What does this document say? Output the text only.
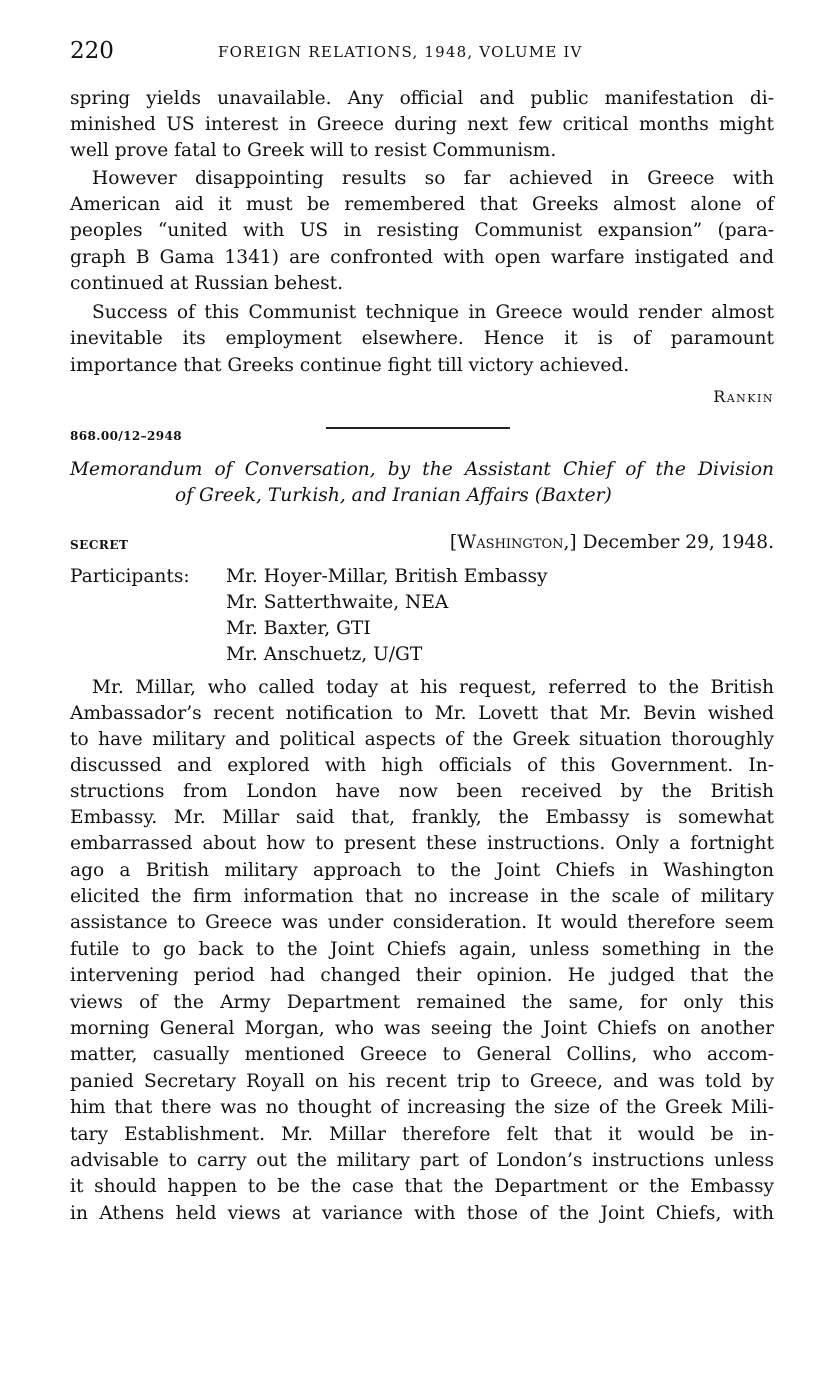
220	FOREIGN RELATIONS, 1948, VOLUME IV
spring yields unavailable. Any official and public manifestation di-
minished US interest in Greece during next few critical months might
well prove fatal to Greek will to resist Communism.
However disappointing results so far achieved in Greece with
American aid it must be remembered that Greeks almost alone of
peoples “united with US in resisting Communist expansion” (para-
graph B Gama 1341) are confronted with open warfare instigated and
continued at Russian behest.
Success of this Communist technique in Greece would render almost
inevitable its employment elsewhere. Hence it is of paramount
importance that Greeks continue fight till victory achieved.
Rankin
868.00/12–2948
Memorandum of Conversation, by the Assistant Chief of the Division
of Greek, Turkish, and Iranian Affairs (Baxter)
SECRET	[Washington,] December 29, 1948.
Participants: Mr. Hoyer-Millar, British Embassy
Mr. Satterthwaite, NEA
Mr. Baxter, GTI
Mr. Anschuetz, U/GT
Mr. Millar, who called today at his request, referred to the British
Ambassador’s recent notification to Mr. Lovett that Mr. Bevin wished
to have military and political aspects of the Greek situation thoroughly
discussed and explored with high officials of this Government. In-
structions from London have now been received by the British
Embassy. Mr. Millar said that, frankly, the Embassy is somewhat
embarrassed about how to present these instructions. Only a fortnight
ago a British military approach to the Joint Chiefs in Washington
elicited the firm information that no increase in the scale of military
assistance to Greece was under consideration. It would therefore seem
futile to go back to the Joint Chiefs again, unless something in the
intervening period had changed their opinion. He judged that the
views of the Army Department remained the same, for only this
morning General Morgan, who was seeing the Joint Chiefs on another
matter, casually mentioned Greece to General Collins, who accom-
panied Secretary Royall on his recent trip to Greece, and was told by
him that there was no thought of increasing the size of the Greek Mili-
tary Establishment. Mr. Millar therefore felt that it would be in-
advisable to carry out the military part of London’s instructions unless
it should happen to be the case that the Department or the Embassy
in Athens held views at variance with those of the Joint Chiefs, with
